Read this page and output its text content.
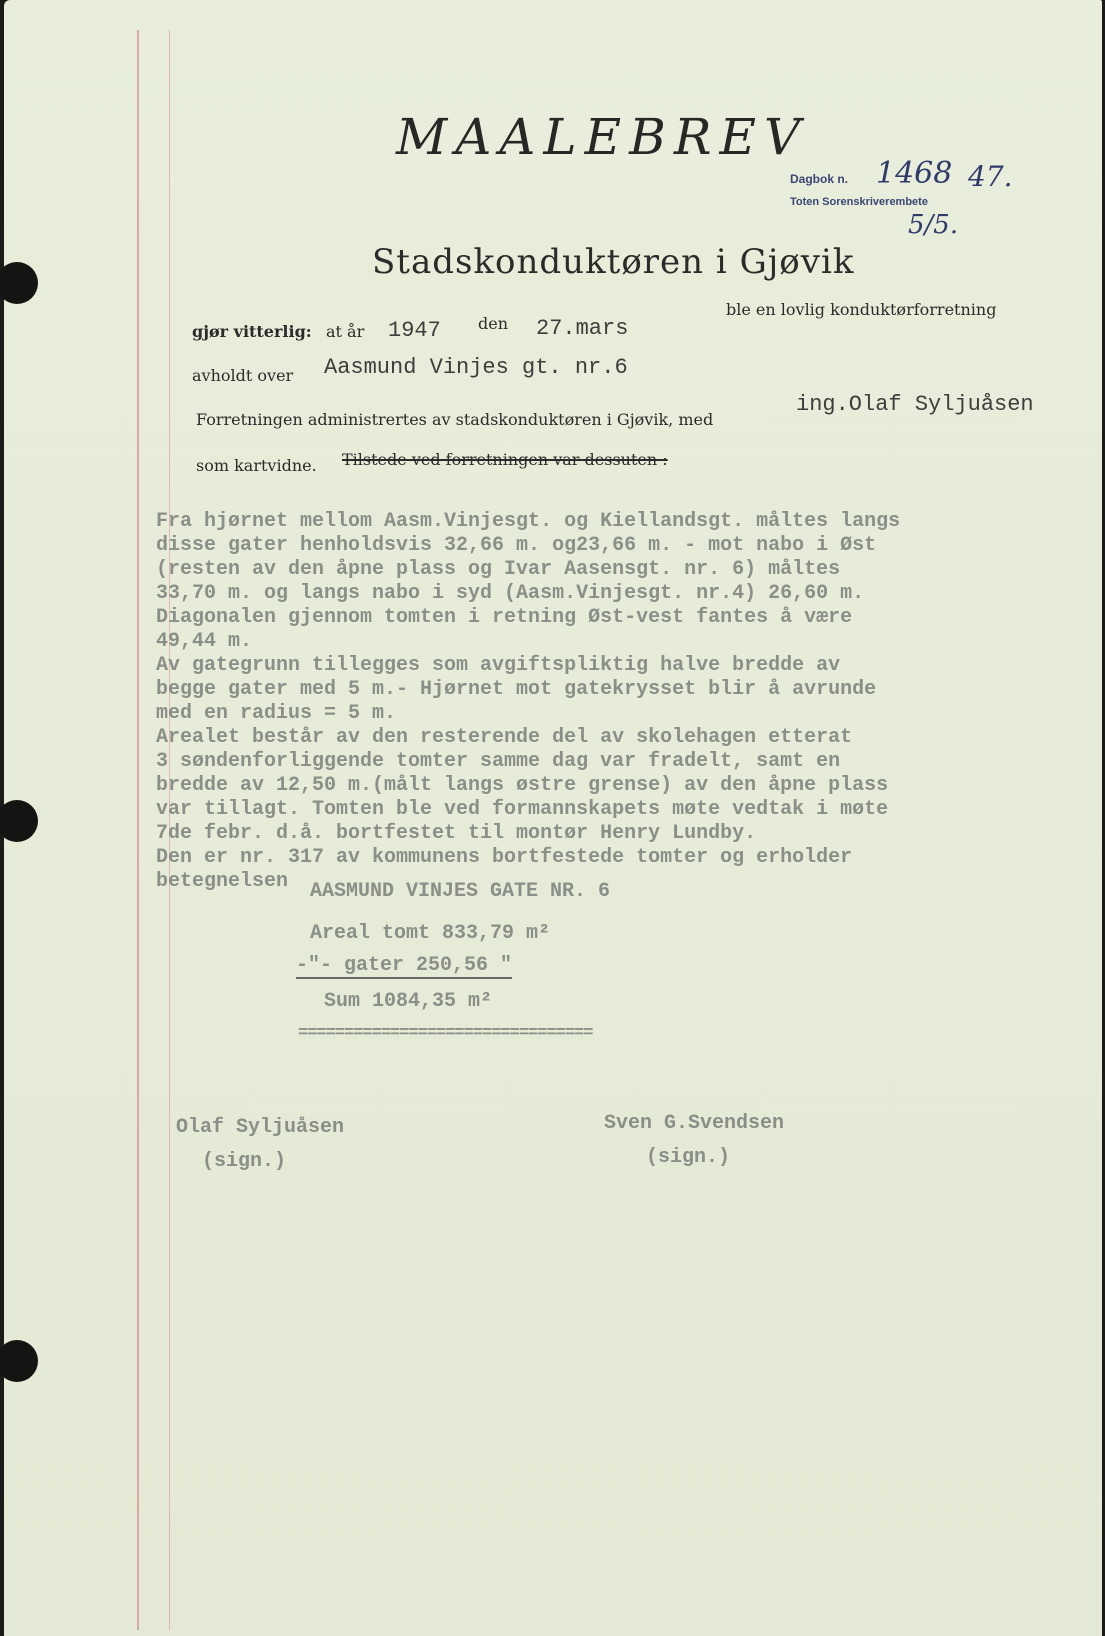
MAALEBREV
Dagbok n. 1468 47.
Toten Sorenskriverembete
5/5.
Stadskonduktøren i Gjøvik
gjør vitterlig: at år 1947 den 27.mars
ble en lovlig konduktørforretning
avholdt over Aasmund Vinjes gt. nr.6
Forretningen administrertes av stadskonduktøren i Gjøvik, med
ing.Olaf Syljuåsen
som kartvidne. Tilstede ved forretningen var dessuten :
Fra hjørnet mellom Aasm.Vinjesgt. og Kiellandsgt. måltes langs
disse gater henholdsvis 32,66 m. og23,66 m. - mot nabo i Øst
(resten av den åpne plass og Ivar Aasensgt. nr. 6) måltes
33,70 m. og langs nabo i syd (Aasm.Vinjesgt. nr.4) 26,60 m.
Diagonalen gjennom tomten i retning Øst-vest fantes å være
49,44 m.
Av gategrunn tillegges som avgiftspliktig halve bredde av
begge gater med 5 m.- Hjørnet mot gatekrysset blir å avrunde
med en radius = 5 m.
Arealet består av den resterende del av skolehagen etterat
3 søndenforliggende tomter samme dag var fradelt, samt en
bredde av 12,50 m.(målt langs østre grense) av den åpne plass
var tillagt. Tomten ble ved formannskapets møte vedtak i møte
7de febr. d.å. bortfestet til montør Henry Lundby.
Den er nr. 317 av kommunens bortfestede tomter og erholder
betegnelsen AASMUND VINJES GATE NR. 6
Areal tomt 833,79 m²
-"- gater 250,56 "
Sum 1084,35 m²
================================
Olaf Syljuåsen
(sign.)
Sven G.Svendsen
(sign.)
